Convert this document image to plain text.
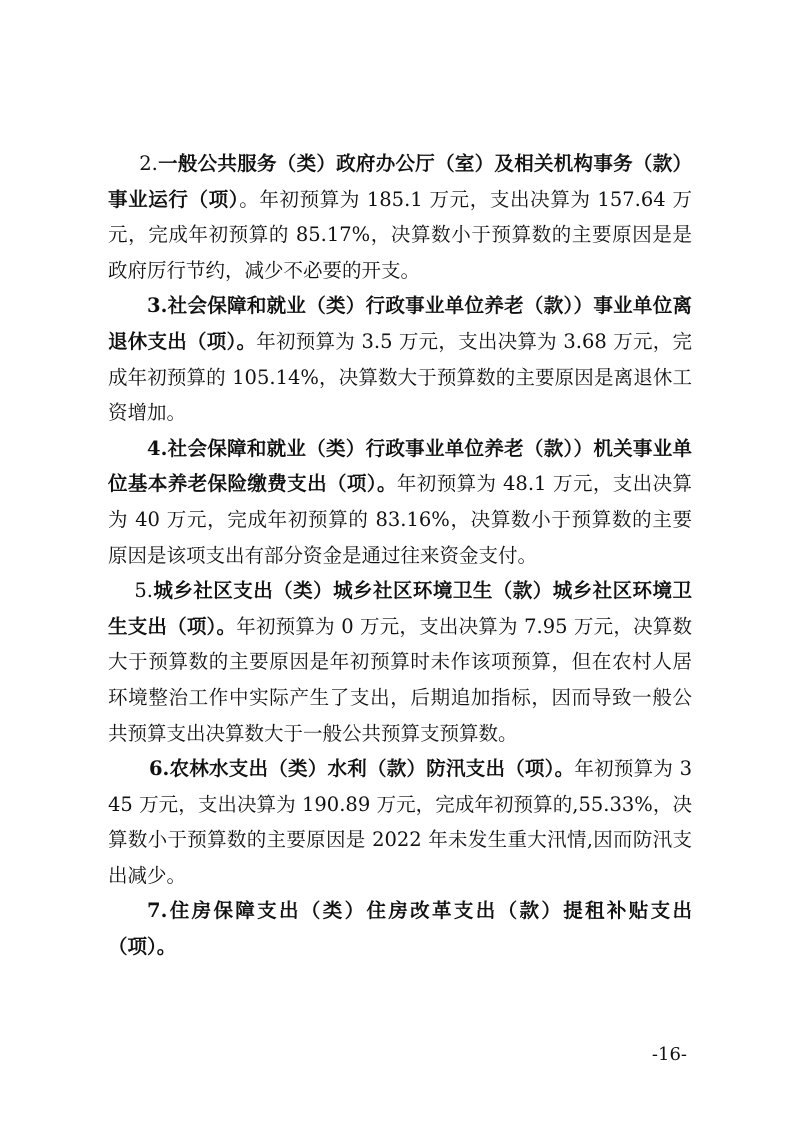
2.一般公共服务（类）政府办公厅（室）及相关机构事务（款）事业运行（项）。年初预算为 185.1 万元，支出决算为 157.64 万元，完成年初预算的 85.17%，决算数小于预算数的主要原因是是政府厉行节约，减少不必要的开支。

3.社会保障和就业（类）行政事业单位养老（款））事业单位离退休支出（项）。年初预算为 3.5 万元，支出决算为 3.68 万元，完成年初预算的 105.14%，决算数大于预算数的主要原因是离退休工资增加。

4.社会保障和就业（类）行政事业单位养老（款））机关事业单位基本养老保险缴费支出（项）。年初预算为 48.1 万元，支出决算为 40 万元，完成年初预算的 83.16%，决算数小于预算数的主要原因是该项支出有部分资金是通过往来资金支付。

5.城乡社区支出（类）城乡社区环境卫生（款）城乡社区环境卫生支出（项）。年初预算为 0 万元，支出决算为 7.95 万元，决算数大于预算数的主要原因是年初预算时未作该项预算，但在农村人居环境整治工作中实际产生了支出，后期追加指标，因而导致一般公共预算支出决算数大于一般公共预算支预算数。

6.农林水支出（类）水利（款）防汛支出（项）。年初预算为 345 万元，支出决算为 190.89 万元，完成年初预算的,55.33%，决算数小于预算数的主要原因是 2022 年未发生重大汛情,因而防汛支出减少。

7.住房保障支出（类）住房改革支出（款）提租补贴支出（项）。

-16-
